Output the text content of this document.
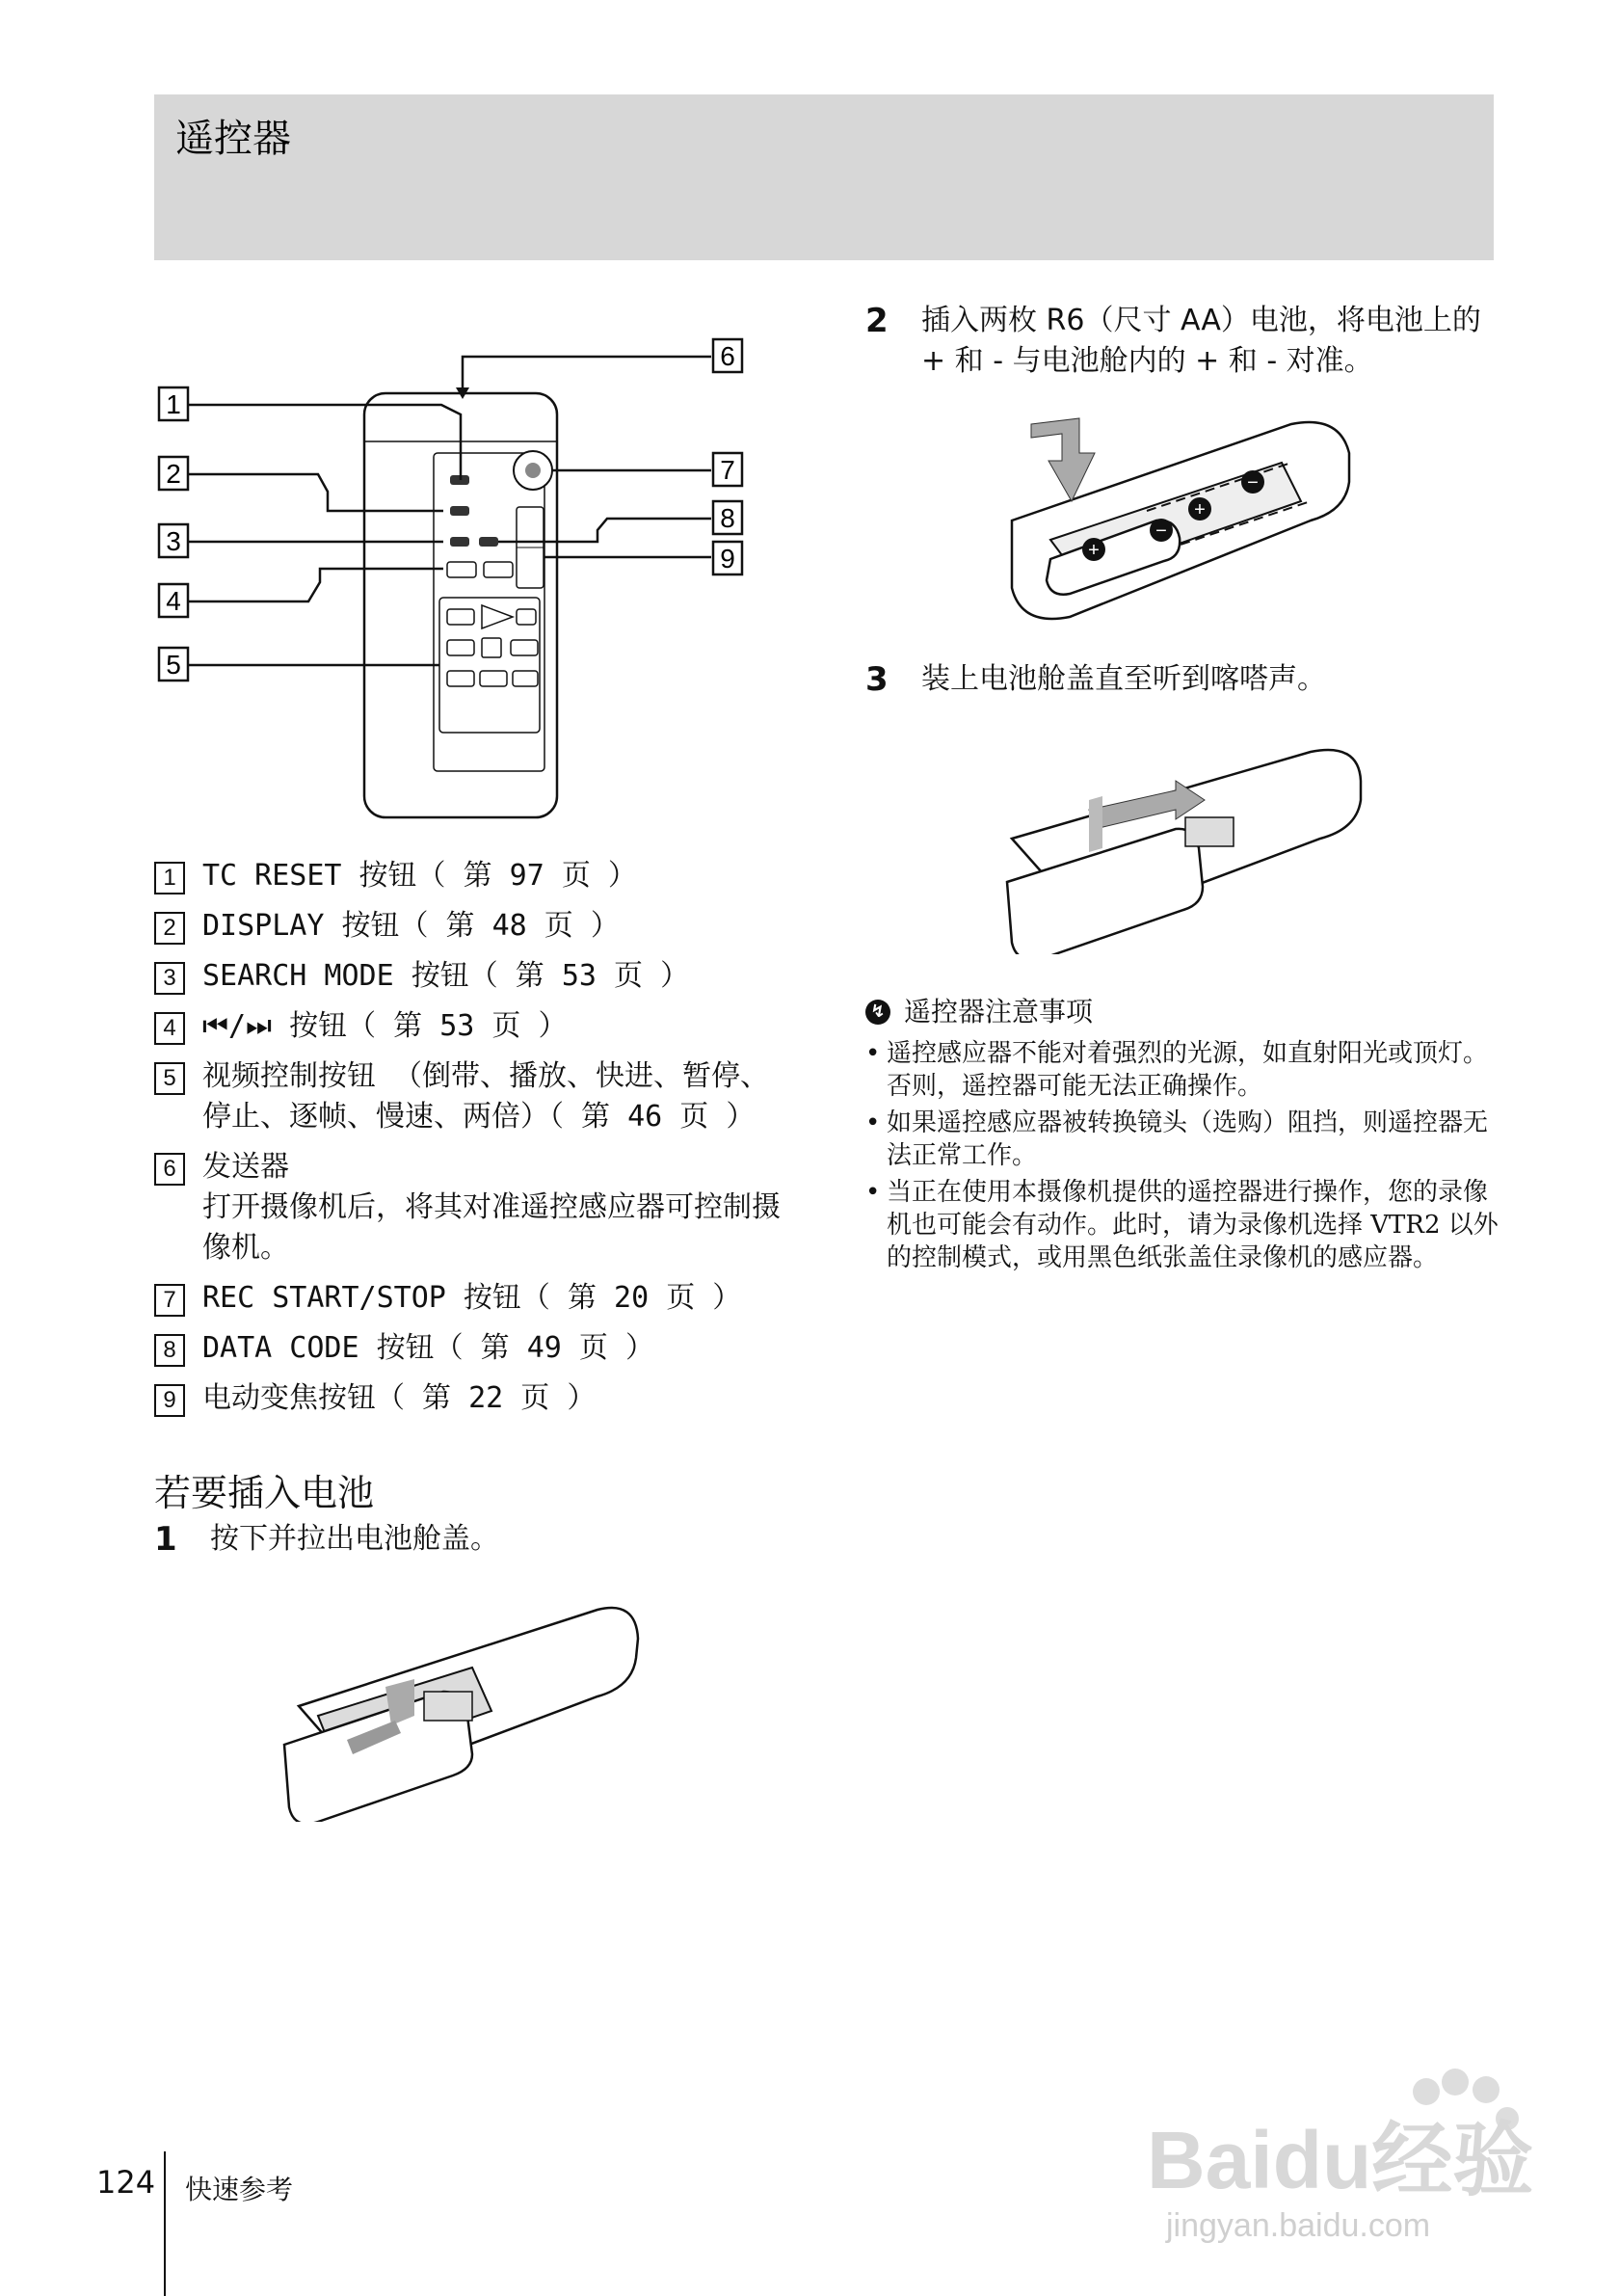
遥控器
1
2
3
4
5
6
7
8
9
1 TC RESET 按钮（ 第 97 页 ）
2 DISPLAY 按钮（ 第 48 页 ）
3 SEARCH MODE 按钮（ 第 53 页 ）
4 ⏮/⏭ 按钮（ 第 53 页 ）
5 视频控制按钮 （倒带、播放、快进、暂停、停止、逐帧、慢速、两倍）（ 第 46 页 ）
6 发送器
打开摄像机后，将其对准遥控感应器可控制摄像机。
7 REC START/STOP 按钮（ 第 20 页 ）
8 DATA CODE 按钮（ 第 49 页 ）
9 电动变焦按钮（ 第 22 页 ）
若要插入电池
1	按下并拉出电池舱盖。
2	插入两枚 R6（尺寸 AA）电池，将电池上的 + 和 - 与电池舱内的 + 和 - 对准。
+
−
−
+
3	装上电池舱盖直至听到喀嗒声。
↯ 遥控器注意事项
• 遥控感应器不能对着强烈的光源，如直射阳光或顶灯。否则，遥控器可能无法正确操作。
• 如果遥控感应器被转换镜头（选购）阻挡，则遥控器无法正常工作。
• 当正在使用本摄像机提供的遥控器进行操作，您的录像机也可能会有动作。此时，请为录像机选择 VTR2 以外的控制模式，或用黑色纸张盖住录像机的感应器。
Baidu经验
jingyan.baidu.com
124 快速参考
